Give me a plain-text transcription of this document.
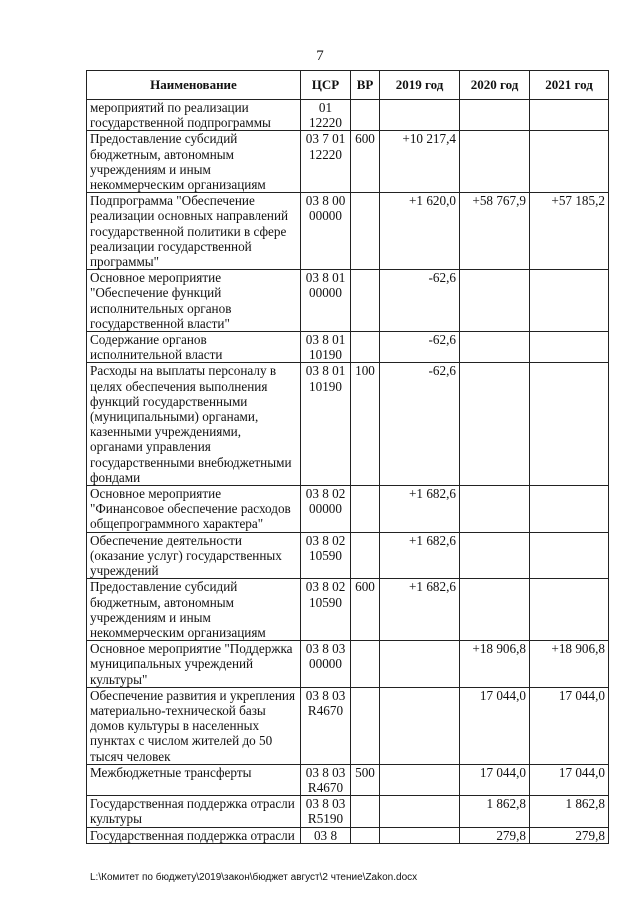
7
Наименование	ЦСР	ВР	2019 год	2020 год	2021 год
мероприятий по реализации государственной подпрограммы	01 12220				
Предоставление субсидий бюджетным, автономным учреждениям и иным некоммерческим организациям	03 7 01 12220	600	+10 217,4		
Подпрограмма "Обеспечение реализации основных направлений государственной политики в сфере реализации государственной программы"	03 8 00 00000		+1 620,0	+58 767,9	+57 185,2
Основное мероприятие "Обеспечение функций исполнительных органов государственной власти"	03 8 01 00000		-62,6		
Содержание органов исполнительной власти	03 8 01 10190		-62,6		
Расходы на выплаты персоналу в целях обеспечения выполнения функций государственными (муниципальными) органами, казенными учреждениями, органами управления государственными внебюджетными фондами	03 8 01 10190	100	-62,6		
Основное мероприятие "Финансовое обеспечение расходов общепрограммного характера"	03 8 02 00000		+1 682,6		
Обеспечение деятельности (оказание услуг) государственных учреждений	03 8 02 10590		+1 682,6		
Предоставление субсидий бюджетным, автономным учреждениям и иным некоммерческим организациям	03 8 02 10590	600	+1 682,6		
Основное мероприятие "Поддержка муниципальных учреждений культуры"	03 8 03 00000			+18 906,8	+18 906,8
Обеспечение развития и укрепления материально-технической базы домов культуры в населенных пунктах с числом жителей до 50 тысяч человек	03 8 03 R4670			17 044,0	17 044,0
Межбюджетные трансферты	03 8 03 R4670	500		17 044,0	17 044,0
Государственная поддержка отрасли культуры	03 8 03 R5190			1 862,8	1 862,8
Государственная поддержка отрасли	03 8			279,8	279,8
L:\Комитет по бюджету\2019\закон\бюджет август\2 чтение\Zakon.docx
